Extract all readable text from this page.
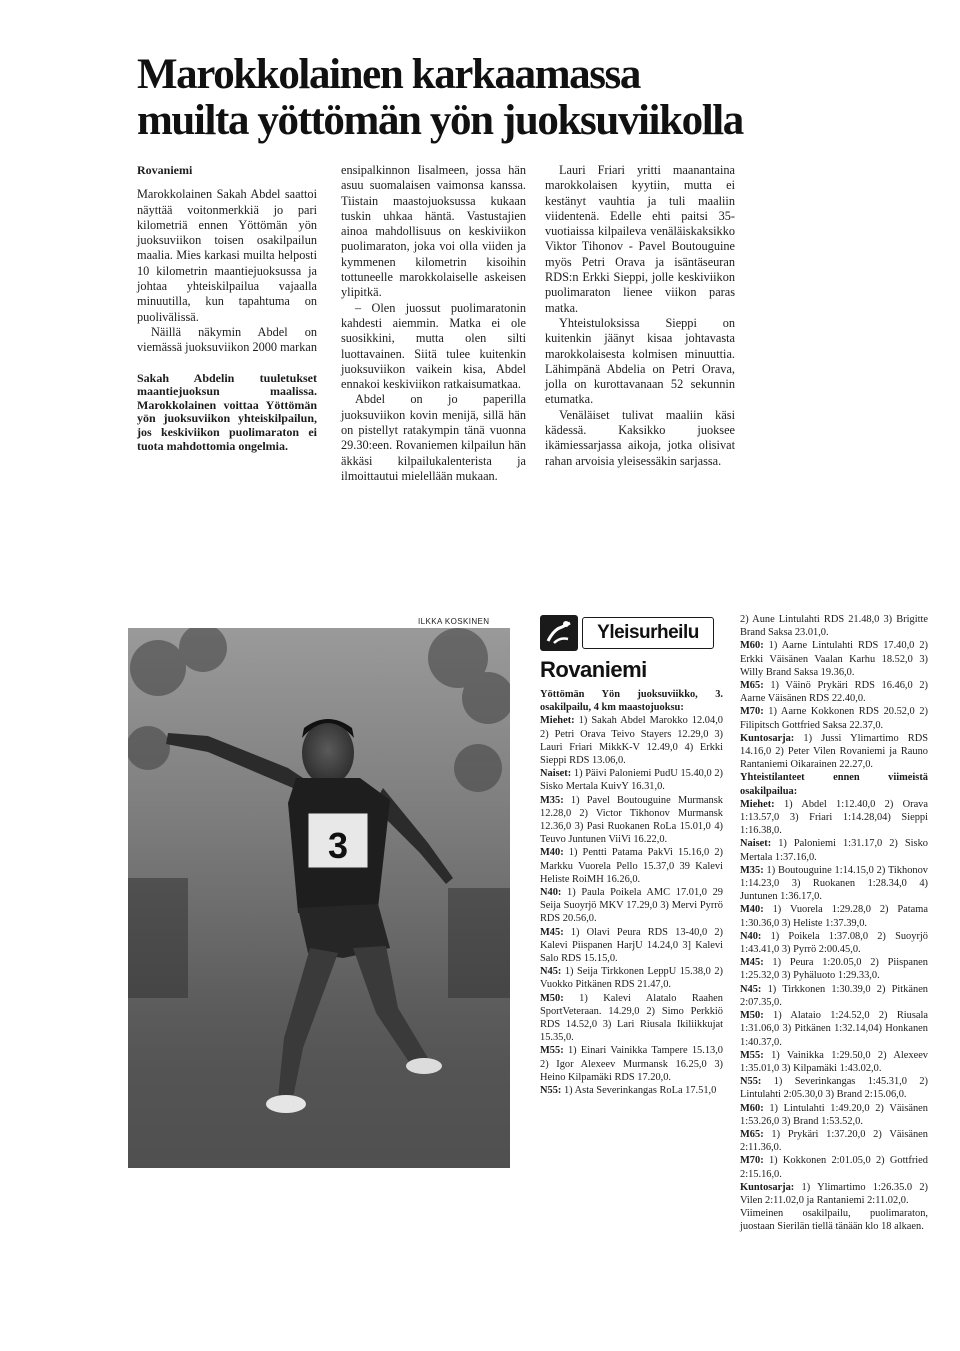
Marokkolainen karkaamassa
muilta yöttömän yön juoksuviikolla

Rovaniemi

Marokkolainen Sakah Abdel saattoi näyttää voitonmerkkiä jo pari kilometriä ennen Yöttömän yön juoksuviikon toisen osakilpailun maalia. Mies karkasi muilta helposti 10 kilometrin maantiejuoksussa ja johtaa yhteiskilpailua vajaalla minuutilla, kun tapahtuma on puolivälissä.

Näillä näkymin Abdel on viemässä juoksuviikon 2000 markan

Sakah Abdelin tuuletukset maantiejuoksun maalissa. Marokkolainen voittaa Yöttömän yön juoksuviikon yhteiskilpailun, jos keskiviikon puolimaraton ei tuota mahdottomia ongelmia.

ensipalkinnon Iisalmeen, jossa hän asuu suomalaisen vaimonsa kanssa. Tiistain maastojuoksussa kukaan tuskin uhkaa häntä. Vastustajien ainoa mahdollisuus on keskiviikon puolimaraton, joka voi olla viiden ja kymmenen kilometrin kisoihin tottuneelle marokkolaiselle askeisen ylipitkä.

– Olen juossut puolimaratonin kahdesti aiemmin. Matka ei ole suosikkini, mutta olen silti luottavainen. Siitä tulee kuitenkin juoksuviikon vaikein kisa, Abdel ennakoi keskiviikon ratkaisumatkaa.

Abdel on jo paperilla juoksuviikon kovin menijä, sillä hän on pistellyt ratakympin tänä vuonna 29.30:een. Rovaniemen kilpailun hän äkkäsi kilpailukalenterista ja ilmoittautui mielellään mukaan.

Lauri Friari yritti maanantaina marokkolaisen kyytiin, mutta ei kestänyt vauhtia ja tuli maaliin viidentenä. Edelle ehti paitsi 35-vuotiaissa kilpaileva venäläiskaksikko Viktor Tihonov - Pavel Boutouguine myös Petri Orava ja isäntäseuran RDS:n Erkki Sieppi, jolle keskiviikon puolimaraton lienee viikon paras matka.

Yhteistuloksissa Sieppi on kuitenkin jäänyt kisaa johtavasta marokkolaisesta kolmisen minuuttia. Lähimpänä Abdelia on Petri Orava, jolla on kurottavanaan 52 sekunnin etumatka.

Venäläiset tulivat maaliin käsi kädessä. Kaksikko juoksee ikämiessarjassa aikoja, jotka olisivat rahan arvoisia yleisessäkin sarjassa.

ILKKA KOSKINEN
3
Yleisurheilu
Rovaniemi

Yöttömän Yön juoksuviikko, 3. osakilpailu, 4 km maastojuoksu:

Miehet: 1) Sakah Abdel Marokko 12.04,0 2) Petri Orava Teivo Stayers 12.29,0 3) Lauri Friari MikkK-V 12.49,0 4) Erkki Sieppi RDS 13.06,0.

Naiset: 1) Päivi Paloniemi PudU 15.40,0 2) Sisko Mertala KuivY 16.31,0.

M35: 1) Pavel Boutouguine Murmansk 12.28,0 2) Victor Tikhonov Murmansk 12.36,0 3) Pasi Ruokanen RoLa 15.01,0 4) Teuvo Juntunen ViiVi 16.22,0.

M40: 1) Pentti Patama PakVi 15.16,0 2) Markku Vuorela Pello 15.37,0 39 Kalevi Heliste RoiMH 16.26,0.

N40: 1) Paula Poikela AMC 17.01,0 29 Seija Suoyrjö MKV 17.29,0 3) Mervi Pyrrö RDS 20.56,0.

M45: 1) Olavi Peura RDS 13-40,0 2) Kalevi Piispanen HarjU 14.24,0 3] Kalevi Salo RDS 15.15,0.

N45: 1) Seija Tirkkonen LeppU 15.38,0 2) Vuokko Pitkänen RDS 21.47,0.

M50: 1) Kalevi Alatalo Raahen SportVeteraan. 14.29,0 2) Simo Perkkiö RDS 14.52,0 3) Lari Riusala Ikiliikkujat 15.35,0.

M55: 1) Einari Vainikka Tampere 15.13,0 2) Igor Alexeev Murmansk 16.25,0 3) Heino Kilpamäki RDS 17.20,0.

N55: 1) Asta Severinkangas RoLa 17.51,0

2) Aune Lintulahti RDS 21.48,0 3) Brigitte Brand Saksa 23.01,0.

M60: 1) Aarne Lintulahti RDS 17.40,0 2) Erkki Väisänen Vaalan Karhu 18.52,0 3) Willy Brand Saksa 19.36,0.

M65: 1) Väinö Prykäri RDS 16.46,0 2) Aarne Väisänen RDS 22.40,0.

M70: 1) Aarne Kokkonen RDS 20.52,0 2) Filipitsch Gottfried Saksa 22.37,0.

Kuntosarja: 1) Jussi Ylimartimo RDS 14.16,0 2) Peter Vilen Rovaniemi ja Rauno Rantaniemi Oikarainen 22.27,0.

Yhteistilanteet ennen viimeistä osakilpailua:

Miehet: 1) Abdel 1:12.40,0 2) Orava 1:13.57,0 3) Friari 1:14.28,04) Sieppi 1:16.38,0.

Naiset: 1) Paloniemi 1:31.17,0 2) Sisko Mertala 1:37.16,0.

M35: 1) Boutouguine 1:14.15,0 2) Tikhonov 1:14.23,0 3) Ruokanen 1:28.34,0 4) Juntunen 1:36.17,0.

M40: 1) Vuorela 1:29.28,0 2) Patama 1:30.36,0 3) Heliste 1:37.39,0.

N40: 1) Poikela 1:37.08,0 2) Suoyrjö 1:43.41,0 3) Pyrrö 2:00.45,0.

M45: 1) Peura 1:20.05,0 2) Piispanen 1:25.32,0 3) Pyhäluoto 1:29.33,0.

N45: 1) Tirkkonen 1:30.39,0 2) Pitkänen 2:07.35,0.

M50: 1) Alataio 1:24.52,0 2) Riusala 1:31.06,0 3) Pitkänen 1:32.14,04) Honkanen 1:40.37,0.

M55: 1) Vainikka 1:29.50,0 2) Alexeev 1:35.01,0 3) Kilpamäki 1:43.02,0.

N55: 1) Severinkangas 1:45.31,0 2) Lintulahti 2:05.30,0 3) Brand 2:15.06,0.

M60: 1) Lintulahti 1:49.20,0 2) Väisänen 1:53.26,0 3) Brand 1:53.52,0.

M65: 1) Prykäri 1:37.20,0 2) Väisänen 2:11.36,0.

M70: 1) Kokkonen 2:01.05,0 2) Gottfried 2:15.16,0.

Kuntosarja: 1) Ylimartimo 1:26.35.0 2) Vilen 2:11.02,0 ja Rantaniemi 2:11.02,0.

Viimeinen osakilpailu, puolimaraton, juostaan Sierilän tiellä tänään klo 18 alkaen.
